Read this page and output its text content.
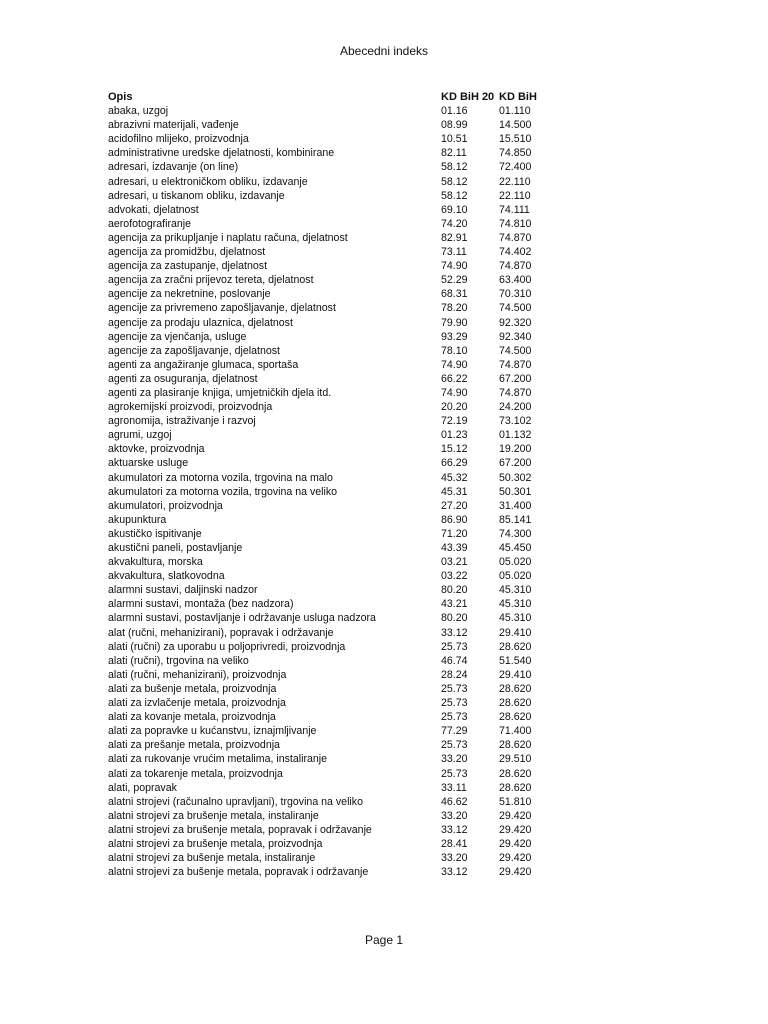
Abecedni indeks
Opis	KD BiH 20	KD BiH
abaka, uzgoj	01.16	01.110
abrazivni materijali, vađenje	08.99	14.500
acidofilno mlijeko, proizvodnja	10.51	15.510
administrativne uredske djelatnosti, kombinirane	82.11	74.850
adresari, izdavanje (on line)	58.12	72.400
adresari, u elektroničkom obliku, izdavanje	58.12	22.110
adresari, u tiskanom obliku, izdavanje	58.12	22.110
advokati, djelatnost	69.10	74.111
aerofotografiranje	74.20	74.810
agencija za prikupljanje i naplatu računa, djelatnost	82.91	74.870
agencija za promidžbu, djelatnost	73.11	74.402
agencija za zastupanje, djelatnost	74.90	74.870
agencija za zračni prijevoz tereta, djelatnost	52.29	63.400
agencije za nekretnine, poslovanje	68.31	70.310
agencije za privremeno zapošljavanje, djelatnost	78.20	74.500
agencije za prodaju ulaznica, djelatnost	79.90	92.320
agencije za vjenčanja, usluge	93.29	92.340
agencije za zapošljavanje, djelatnost	78.10	74.500
agenti za angažiranje glumaca, sportaša	74.90	74.870
agenti za osuguranja, djelatnost	66.22	67.200
agenti za plasiranje knjiga, umjetničkih djela itd.	74.90	74.870
agrokemijski proizvodi, proizvodnja	20.20	24.200
agronomija, istraživanje i razvoj	72.19	73.102
agrumi, uzgoj	01.23	01.132
aktovke, proizvodnja	15.12	19.200
aktuarske usluge	66.29	67.200
akumulatori za motorna vozila, trgovina na malo	45.32	50.302
akumulatori za motorna vozila, trgovina na veliko	45.31	50.301
akumulatori, proizvodnja	27.20	31.400
akupunktura	86.90	85.141
akustičko ispitivanje	71.20	74.300
akustični paneli, postavljanje	43.39	45.450
akvakultura, morska	03.21	05.020
akvakultura, slatkovodna	03.22	05.020
alarmni sustavi, daljinski nadzor	80.20	45.310
alarmni sustavi, montaža (bez nadzora)	43.21	45.310
alarmni sustavi, postavljanje i održavanje usluga nadzora	80.20	45.310
alat (ručni, mehanizirani), popravak i održavanje	33.12	29.410
alati (ručni) za uporabu u poljoprivredi, proizvodnja	25.73	28.620
alati (ručni), trgovina na veliko	46.74	51.540
alati (ručni, mehanizirani), proizvodnja	28.24	29.410
alati za bušenje metala, proizvodnja	25.73	28.620
alati za izvlačenje metala, proizvodnja	25.73	28.620
alati za kovanje metala, proizvodnja	25.73	28.620
alati za popravke u kućanstvu, iznajmljivanje	77.29	71.400
alati za prešanje metala, proizvodnja	25.73	28.620
alati za rukovanje vrućim metalima, instaliranje	33.20	29.510
alati za tokarenje metala, proizvodnja	25.73	28.620
alati, popravak	33.11	28.620
alatni strojevi (računalno upravljani), trgovina na veliko	46.62	51.810
alatni strojevi za brušenje metala, instaliranje	33.20	29.420
alatni strojevi za brušenje metala, popravak i održavanje	33.12	29.420
alatni strojevi za brušenje metala, proizvodnja	28.41	29.420
alatni strojevi za bušenje metala, instaliranje	33.20	29.420
alatni strojevi za bušenje metala, popravak i održavanje	33.12	29.420
Page 1
